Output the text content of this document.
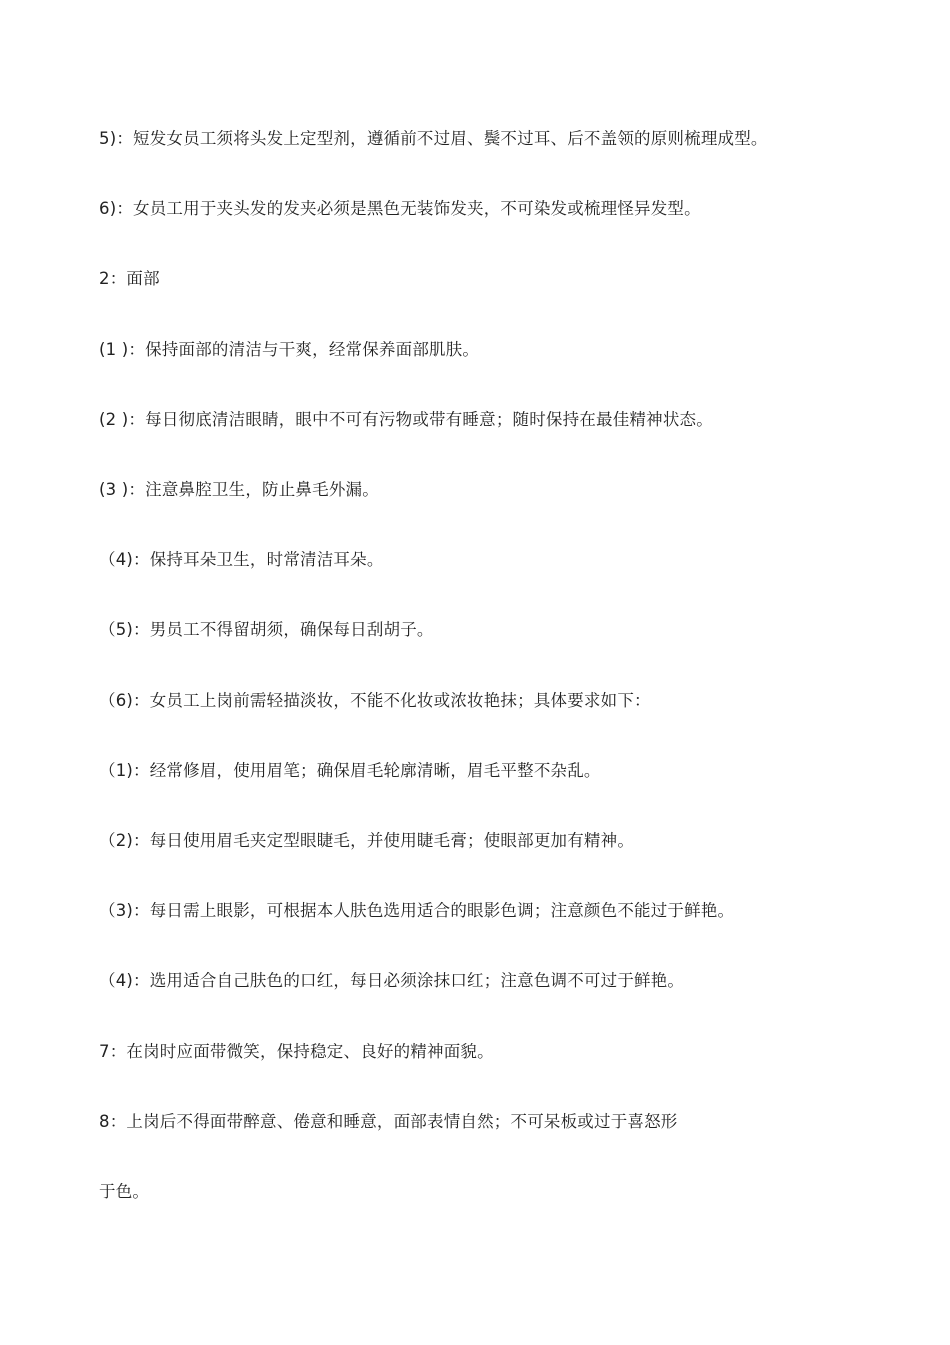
5)：短发女员工须将头发上定型剂，遵循前不过眉、鬓不过耳、后不盖领的原则梳理成型。
6)：女员工用于夹头发的发夹必须是黑色无装饰发夹，不可染发或梳理怪异发型。
2：面部
(1 )：保持面部的清洁与干爽，经常保养面部肌肤。
(2 )：每日彻底清洁眼睛，眼中不可有污物或带有睡意；随时保持在最佳精神状态。
(3 )：注意鼻腔卫生，防止鼻毛外漏。
（4)：保持耳朵卫生，时常清洁耳朵。
（5)：男员工不得留胡须，确保每日刮胡子。
（6)：女员工上岗前需轻描淡妆，不能不化妆或浓妆艳抹；具体要求如下：
（1)：经常修眉，使用眉笔；确保眉毛轮廓清晰，眉毛平整不杂乱。
（2)：每日使用眉毛夹定型眼睫毛，并使用睫毛膏；使眼部更加有精神。
（3)：每日需上眼影，可根据本人肤色选用适合的眼影色调；注意颜色不能过于鲜艳。
（4)：选用适合自己肤色的口红，每日必须涂抹口红；注意色调不可过于鲜艳。
7：在岗时应面带微笑，保持稳定、良好的精神面貌。
8：上岗后不得面带醉意、倦意和睡意，面部表情自然；不可呆板或过于喜怒形
于色。
